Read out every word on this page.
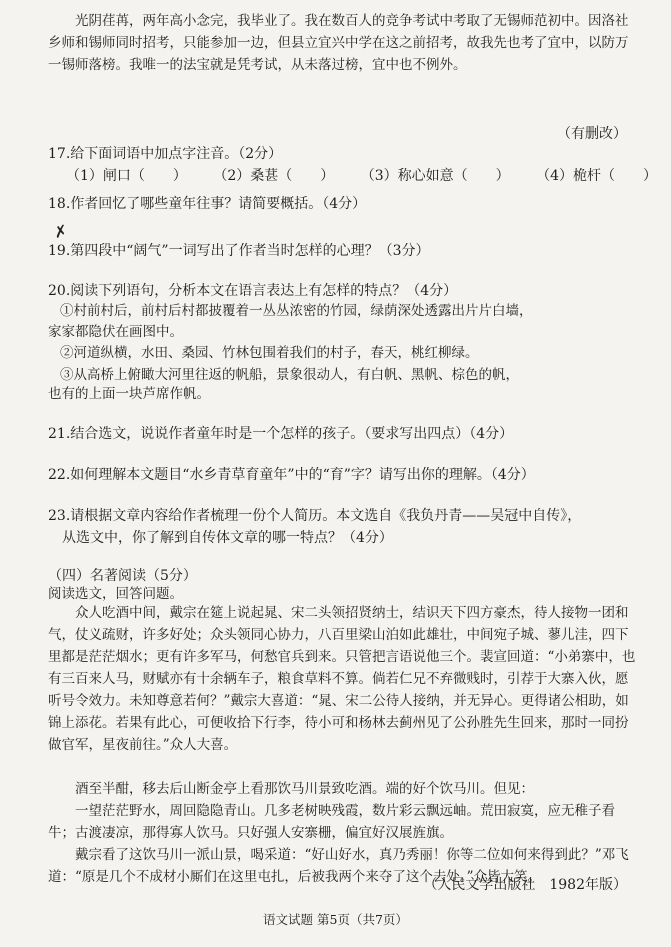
光阴荏苒，两年高小念完，我毕业了。我在数百人的竞争考试中考取了无锡师范初中。因洛社乡师和锡师同时招考，只能参加一边，但县立宜兴中学在这之前招考，故我先也考了宜中，以防万一锡师落榜。我唯一的法宝就是凭考试，从未落过榜，宜中也不例外。

（有删改）
17.给下面词语中加点字注音。（2分）
（1）闸口（　　） （2）桑葚（　　） （3）称心如意（　　） （4）桅杆（　　）
18.作者回忆了哪些童年往事？请简要概括。（4分）
✗
19.第四段中“阔气”一词写出了作者当时怎样的心理？（3分）
20.阅读下列语句，分析本文在语言表达上有怎样的特点？（4分）
①村前村后，前村后村都披覆着一丛丛浓密的竹园，绿荫深处透露出片片白墙，
家家都隐伏在画图中。
②河道纵横，水田、桑园、竹林包围着我们的村子，春天，桃红柳绿。
③从高桥上俯瞰大河里往返的帆船，景象很动人，有白帆、黑帆、棕色的帆，
也有的上面一块芦席作帆。
21.结合选文，说说作者童年时是一个怎样的孩子。（要求写出四点）（4分）
22.如何理解本文题目“水乡青草育童年”中的“育”字？请写出你的理解。（4分）
23.请根据文章内容给作者梳理一份个人简历。本文选自《我负丹青——吴冠中自传》，
从选文中，你了解到自传体文章的哪一特点？（4分）
（四）名著阅读（5分）
阅读选文，回答问题。

众人吃酒中间，戴宗在筵上说起晁、宋二头领招贤纳士，结识天下四方豪杰，待人接物一团和气，仗义疏财，许多好处；众头领同心协力，八百里梁山泊如此雄壮，中间宛子城、蓼儿洼，四下里都是茫茫烟水；更有许多军马，何愁官兵到来。只管把言语说他三个。裴宣回道：“小弟寨中，也有三百来人马，财赋亦有十余辆车子，粮食草料不算。倘若仁兄不弃微贱时，引荐于大寨入伙，愿听号令效力。未知尊意若何？”戴宗大喜道：“晁、宋二公待人接纳，并无异心。更得诸公相助，如锦上添花。若果有此心，可便收拾下行李，待小可和杨林去蓟州见了公孙胜先生回来，那时一同扮做官军，星夜前往。”众人大喜。

酒至半酣，移去后山断金亭上看那饮马川景致吃酒。端的好个饮马川。但见：

一望茫茫野水，周回隐隐青山。几多老树映残霞，数片彩云飘远岫。荒田寂寞，应无稚子看牛；古渡凄凉，那得寡人饮马。只好强人安寨栅，偏宜好汉展旌旗。

戴宗看了这饮马川一派山景，喝采道：“好山好水，真乃秀丽！你等二位如何来得到此？”邓飞道：“原是几个不成材小厮们在这里屯扎，后被我两个来夺了这个去处。”众皆大笑。

（人民文学出版社　1982年版）
语文试题 第5页（共7页）
